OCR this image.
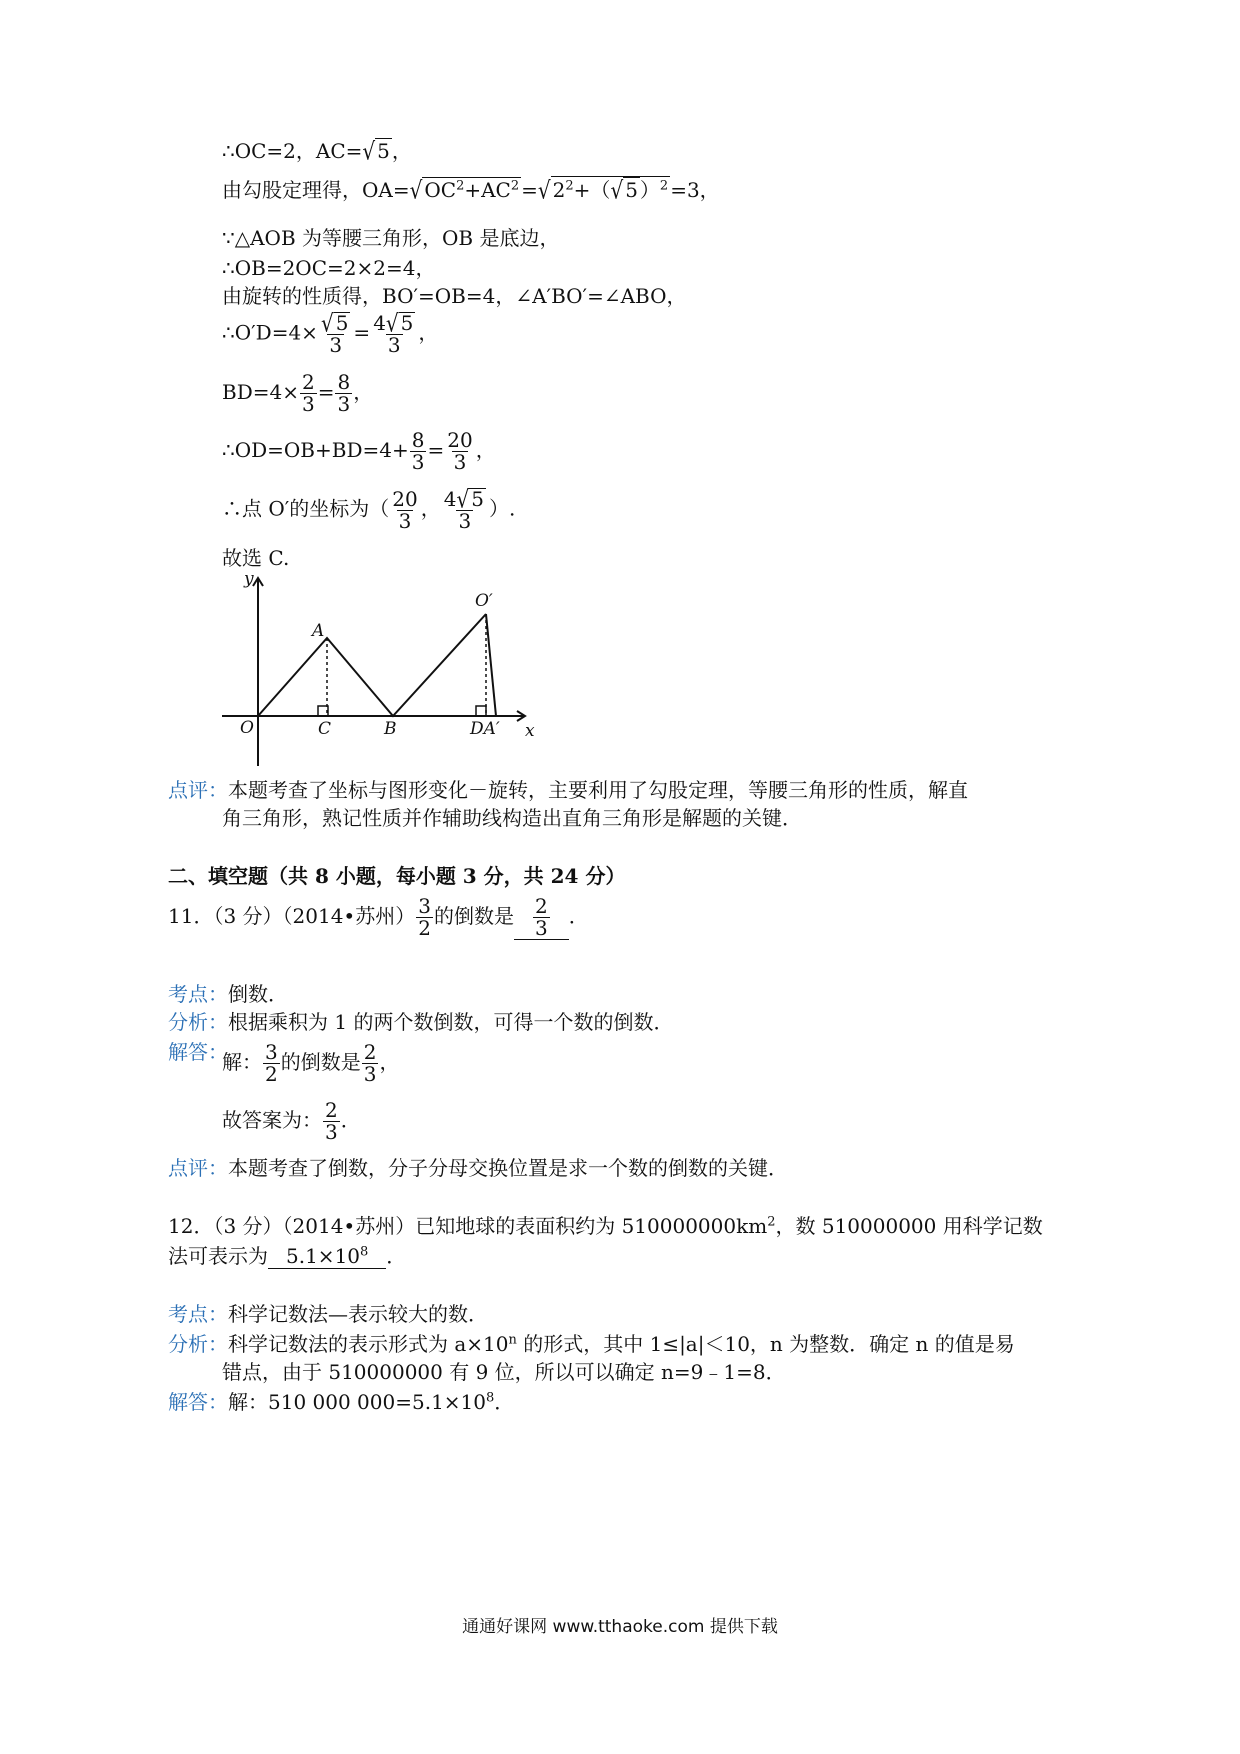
∴OC=2，AC=√ 5 ，
由勾股定理得，OA=√ $OC^2+AC^2$ =√ $2^2+(√$ 5 ）$^2$ =3，
∵△AOB 为等腰三角形，OB 是底边，
∴OB=2OC=2×2=4，
由旋转的性质得，BO′=OB=4，∠A′BO′=∠ABO，
∴O′D=4× $\frac{√ 5}{3} = \frac{4√ 5}{3}$ ，
$BD=4\times \frac{2}{3} = \frac{8}{3}$ ，
∴OD=OB+BD=4+ $\frac{8}{3} = \frac{20}{3}$ ，
∴点 O′的坐标为（ $\frac{20}{3}$ ， $\frac{4√ 5}{3}$ ）.
故选 C.
y
x
O
A
C	B
O′
DA′
点评：本题考查了坐标与图形变化－旋转，主要利用了勾股定理，等腰三角形的性质，解直
角三角形，熟记性质并作辅助线构造出直角三角形是解题的关键．
二、填空题（共 8 小题，每小题 3 分，共 24 分）
11．（3 分）（2014•苏州） $\frac{3}{2}$ 的倒数是 $\frac{2}{3}$ ．
考点：倒数．
分析：根据乘积为 1 的两个数倒数，可得一个数的倒数．
解答：
解： $\frac{3}{2}$ 的倒数是 $\frac{2}{3}$ ，
故答案为： $\frac{2}{3}$ ．
点评：本题考查了倒数，分子分母交换位置是求一个数的倒数的关键．
12．（3 分）（2014•苏州）已知地球的表面积约为 $510000000km^2$，数 510000000 用科学记数
法可表示为 $5.1\times 10^8$ ．
考点：科学记数法—表示较大的数．
分析：科学记数法的表示形式为 $a\times 10^n$ 的形式，其中 1≤|a|＜10，n 为整数．确定 n 的值是易
错点，由于 510000000 有 9 位，所以可以确定 n=9﹣1=8．
解答：解：510 000 $000=5.1\times 10^8$．
通通好课网 www.tthaoke.com 提供下载
